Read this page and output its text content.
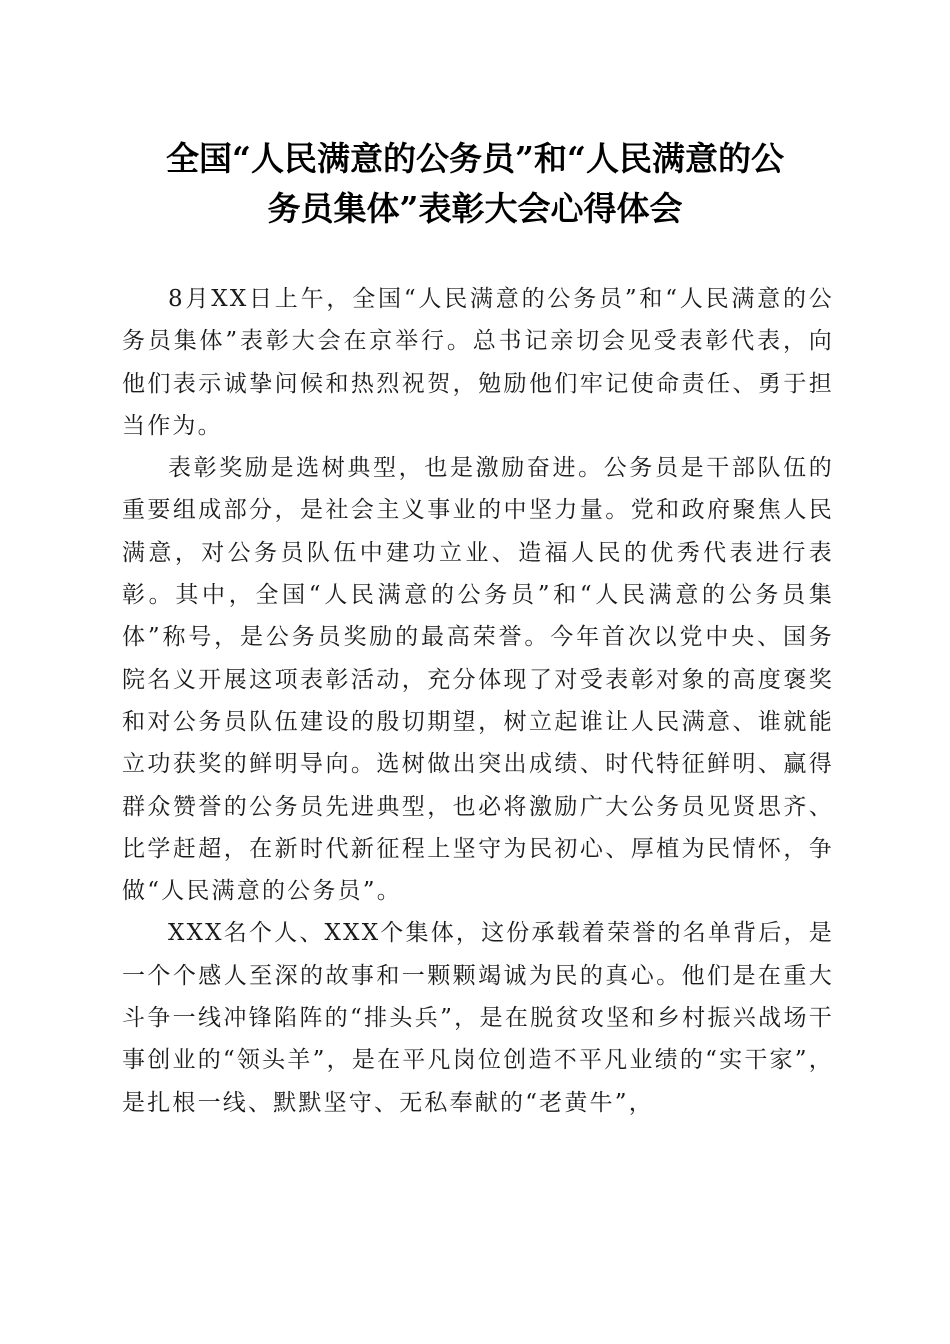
全国“人民满意的公务员”和“人民满意的公
务员集体”表彰大会心得体会

8月XX日上午，全国“人民满意的公务员”和“人民满意的公务员集体”表彰大会在京举行。总书记亲切会见受表彰代表，向他们表示诚挚问候和热烈祝贺，勉励他们牢记使命责任、勇于担当作为。

表彰奖励是选树典型，也是激励奋进。公务员是干部队伍的重要组成部分，是社会主义事业的中坚力量。党和政府聚焦人民满意，对公务员队伍中建功立业、造福人民的优秀代表进行表彰。其中，全国“人民满意的公务员”和“人民满意的公务员集体”称号，是公务员奖励的最高荣誉。今年首次以党中央、国务院名义开展这项表彰活动，充分体现了对受表彰对象的高度褒奖和对公务员队伍建设的殷切期望，树立起谁让人民满意、谁就能立功获奖的鲜明导向。选树做出突出成绩、时代特征鲜明、赢得群众赞誉的公务员先进典型，也必将激励广大公务员见贤思齐、比学赶超，在新时代新征程上坚守为民初心、厚植为民情怀，争做“人民满意的公务员”。

XXX名个人、XXX个集体，这份承载着荣誉的名单背后，是一个个感人至深的故事和一颗颗竭诚为民的真心。他们是在重大斗争一线冲锋陷阵的“排头兵”，是在脱贫攻坚和乡村振兴战场干事创业的“领头羊”，是在平凡岗位创造不平凡业绩的“实干家”，是扎根一线、默默坚守、无私奉献的“老黄牛”，
